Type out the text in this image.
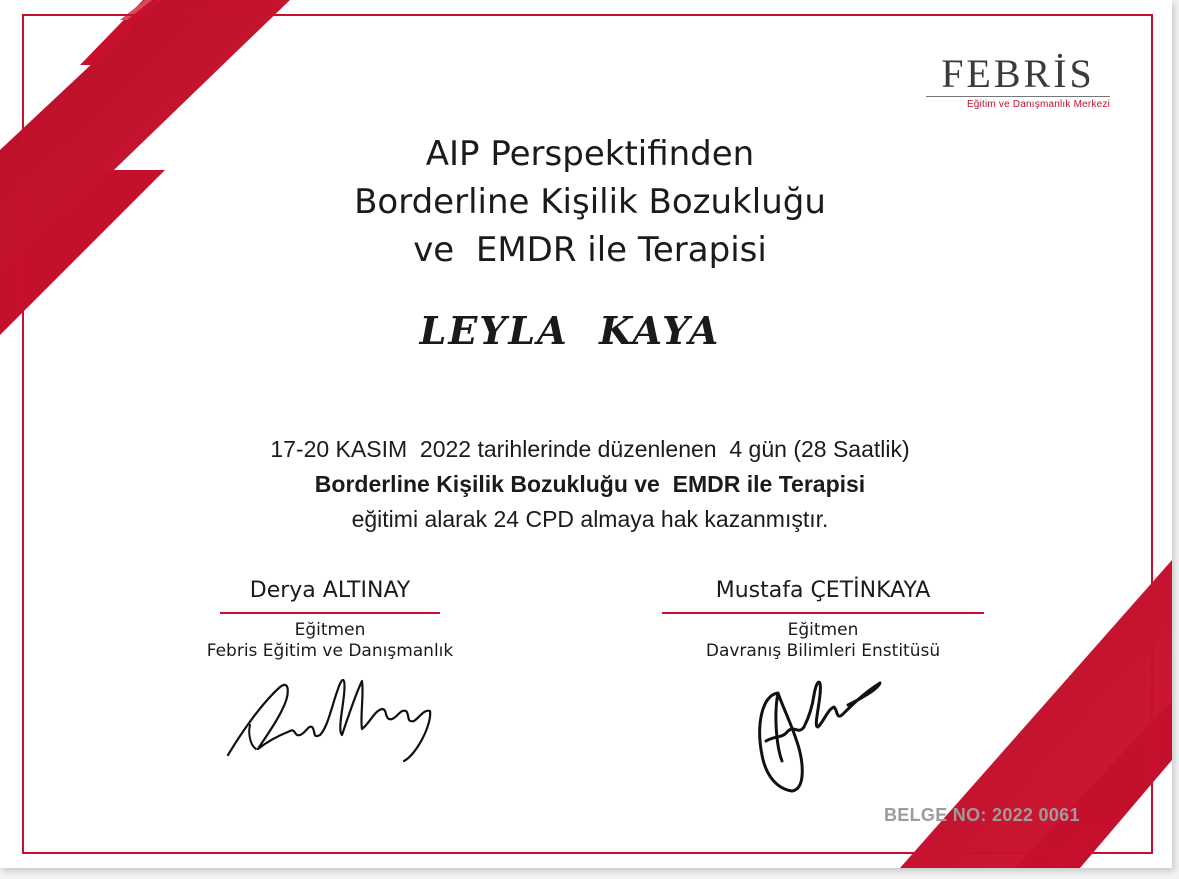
FEBRİS
Eğitim ve Danışmanlık Merkezi
AIP Perspektifinden
Borderline Kişilik Bozukluğu
ve  EMDR ile Terapisi
LEYLA  KAYA
17-20 KASIM  2022 tarihlerinde düzenlenen  4 gün (28 Saatlik)
Borderline Kişilik Bozukluğu ve  EMDR ile Terapisi
eğitimi alarak 24 CPD almaya hak kazanmıştır.
Derya ALTINAY
Eğitmen
Febris Eğitim ve Danışmanlık
Mustafa ÇETİNKAYA
Eğitmen
Davranış Bilimleri Enstitüsü
BELGE NO: 2022 0061
